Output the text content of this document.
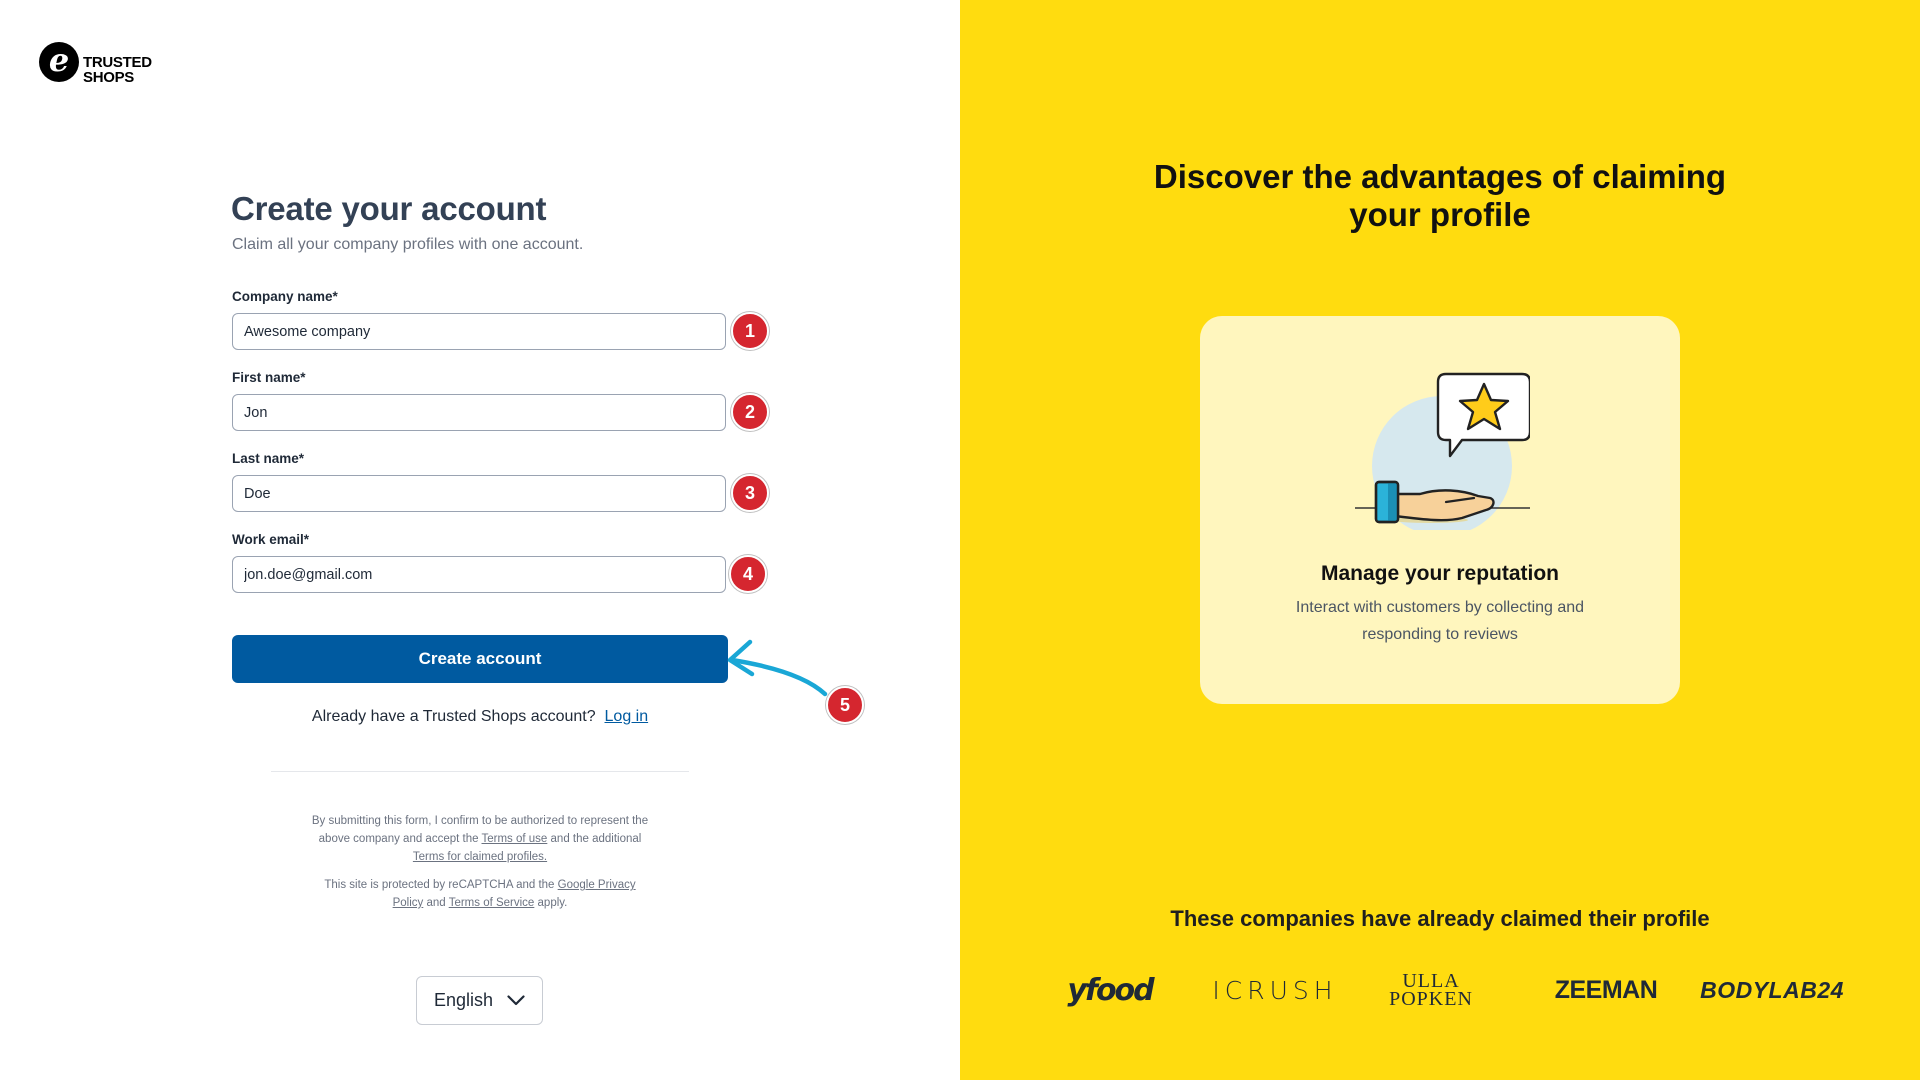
e TRUSTED
SHOPS
Create your account
Claim all your company profiles with one account.
Company name*
Awesome company
1
First name*
Jon
2
Last name*
Doe
3
Work email*
jon.doe@gmail.com
4
Create account
5
Already have a Trusted Shops account? Log in
By submitting this form, I confirm to be authorized to represent the above company and accept the Terms of use and the additional Terms for claimed profiles.
This site is protected by reCAPTCHA and the Google Privacy Policy and Terms of Service apply.
English
Discover the advantages of claiming your profile
Manage your reputation
Interact with customers by collecting and responding to reviews
These companies have already claimed their profile
yfood ICRUSH	ULLA POPKEN	ZEEMAN BODYLAB24
